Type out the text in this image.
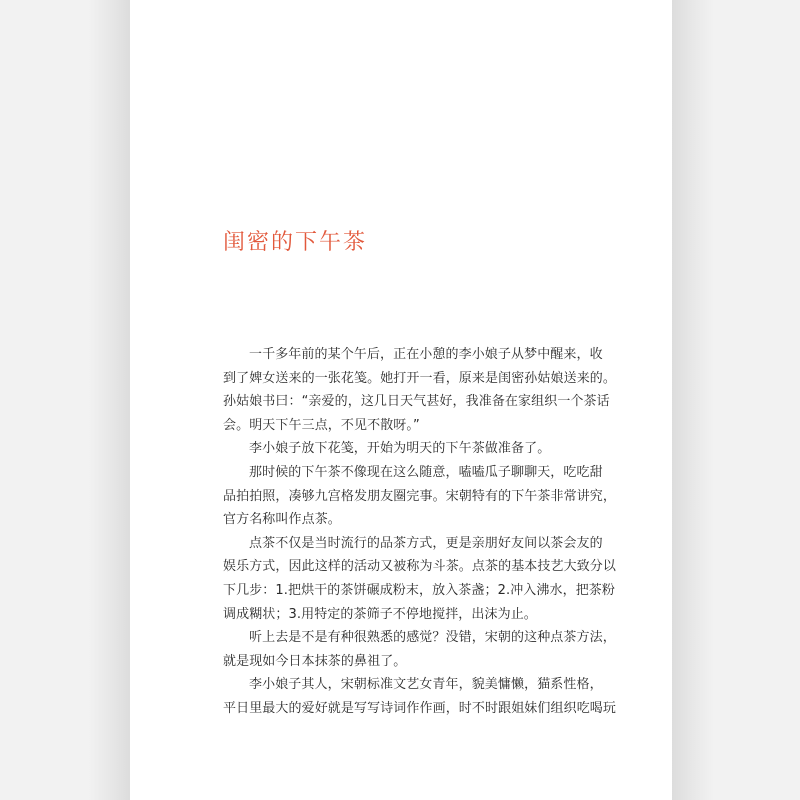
闺密的下午茶
一千多年前的某个午后，正在小憩的李小娘子从梦中醒来，收
到了婢女送来的一张花笺。她打开一看，原来是闺密孙姑娘送来的。
孙姑娘书曰：“亲爱的，这几日天气甚好，我准备在家组织一个茶话
会。明天下午三点，不见不散呀。”
李小娘子放下花笺，开始为明天的下午茶做准备了。
那时候的下午茶不像现在这么随意，嗑嗑瓜子聊聊天，吃吃甜
品拍拍照，凑够九宫格发朋友圈完事。宋朝特有的下午茶非常讲究，
官方名称叫作点茶。
点茶不仅是当时流行的品茶方式，更是亲朋好友间以茶会友的
娱乐方式，因此这样的活动又被称为斗茶。点茶的基本技艺大致分以
下几步：1.把烘干的茶饼碾成粉末，放入茶盏；2.冲入沸水，把茶粉
调成糊状；3.用特定的茶筛子不停地搅拌，出沫为止。
听上去是不是有种很熟悉的感觉？没错，宋朝的这种点茶方法，
就是现如今日本抹茶的鼻祖了。
李小娘子其人，宋朝标准文艺女青年，貌美慵懒，猫系性格，
平日里最大的爱好就是写写诗词作作画，时不时跟姐妹们组织吃喝玩
